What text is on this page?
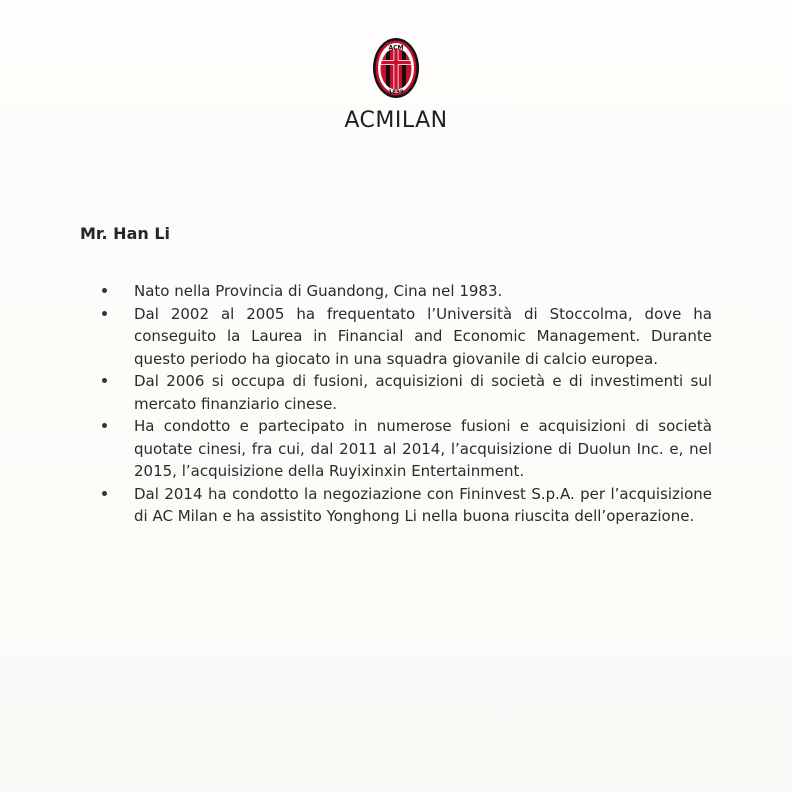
ACM
1899
ACMILAN
Mr. Han Li
Nato nella Provincia di Guandong, Cina nel 1983.
Dal 2002 al 2005 ha frequentato l’Università di Stoccolma, dove ha conseguito la Laurea in Financial and Economic Management. Durante questo periodo ha giocato in una squadra giovanile di calcio europea.
Dal 2006 si occupa di fusioni, acquisizioni di società e di investimenti sul mercato finanziario cinese.
Ha condotto e partecipato in numerose fusioni e acquisizioni di società quotate cinesi, fra cui, dal 2011 al 2014, l’acquisizione di Duolun Inc. e, nel 2015, l’acquisizione della Ruyixinxin Entertainment.
Dal 2014 ha condotto la negoziazione con Fininvest S.p.A. per l’acquisizione di AC Milan e ha assistito Yonghong Li nella buona riuscita dell’operazione.
